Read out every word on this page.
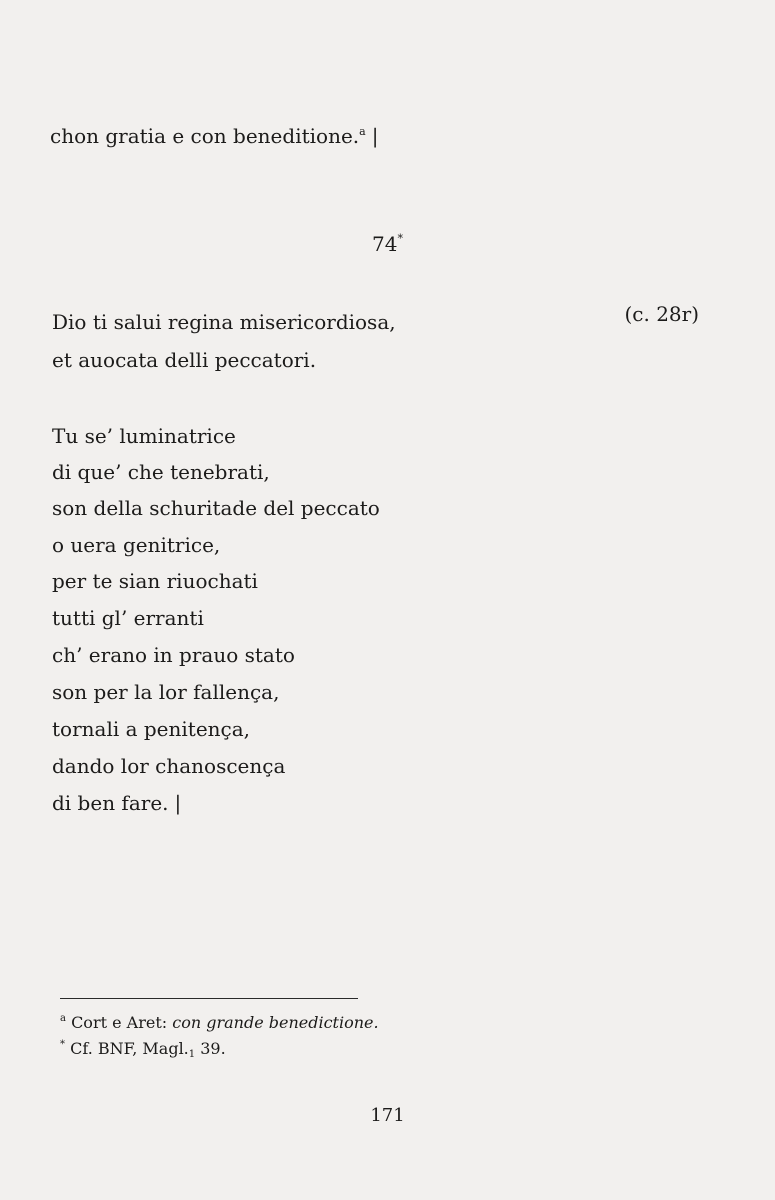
chon gratia e con beneditione.$^a$ |
74*
Dio ti salui regina misericordiosa,	(c. 28r)
et auocata delli peccatori.
Tu se’ luminatrice
di que’ che tenebrati,
son della schuritade del peccato
o uera genitrice,
per te sian riuochati
tutti gl’ erranti
ch’ erano in prauo stato
son per la lor fallença,
tornali a penitença,
dando lor chanoscença
di ben fare. |
$^a$ Cort e Aret: con grande benedictione.
* Cf. BNF, $Magl._1$ 39.
171
